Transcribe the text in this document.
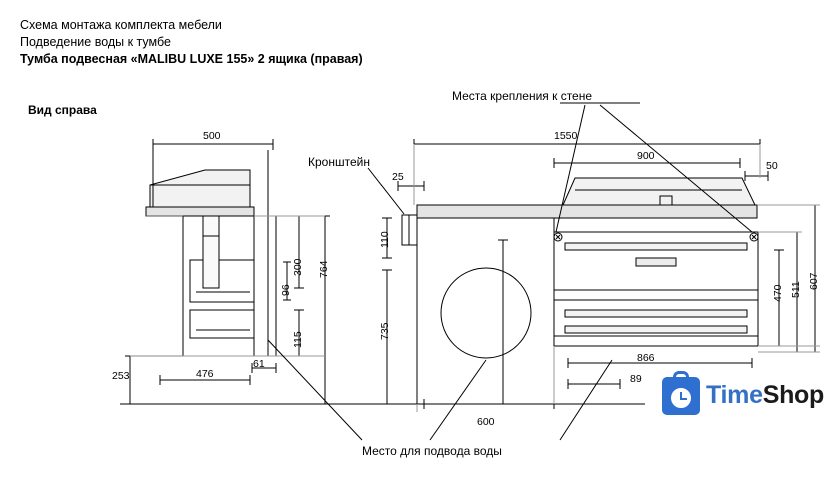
Схема монтажа комплекта мебели
Подведение воды к тумбе
Тумба подвесная «MALIBU LUXE 155» 2 ящика (правая)
Вид справа
Места крепления к стене
Кронштейн
Место для подвода воды
500
476
61
253
764
300
115
96
1550
900
50
25
110
735
600
866
89
607
511
470
TimeShop
